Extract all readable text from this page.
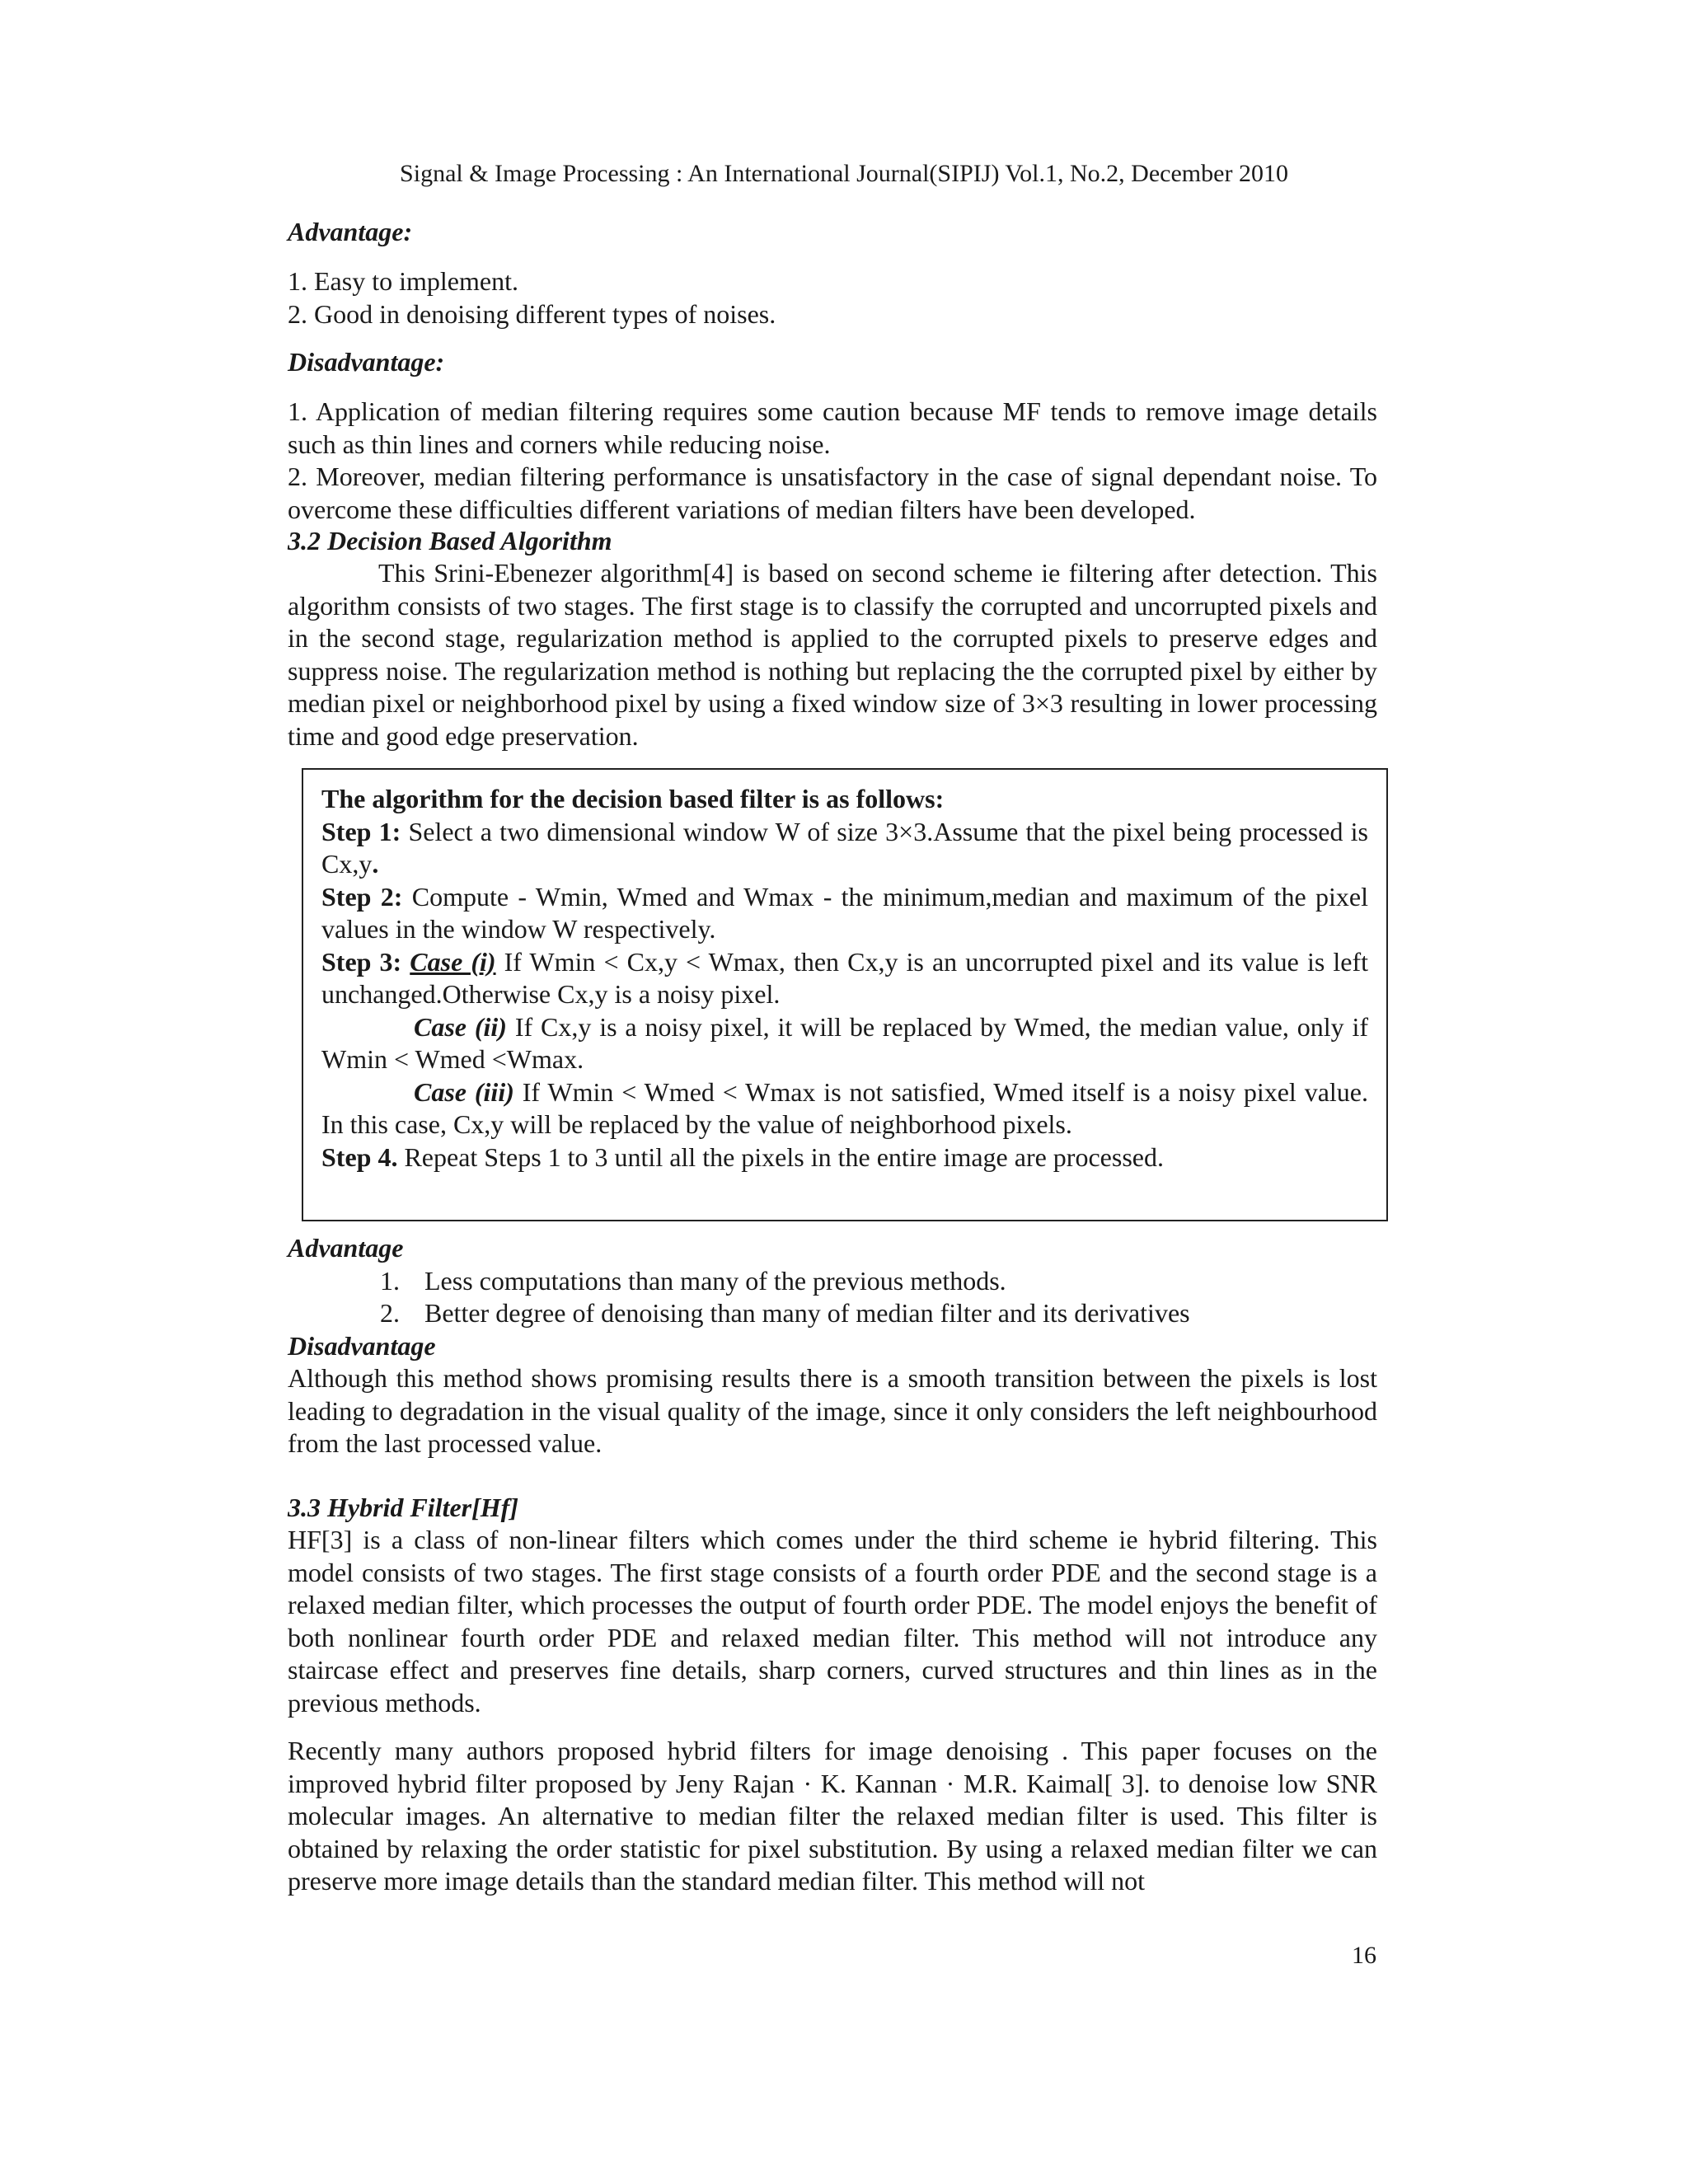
Signal & Image Processing : An International Journal(SIPIJ) Vol.1, No.2, December 2010
Advantage:
1. Easy to implement.
2. Good in denoising different types of noises.
Disadvantage:

1. Application of median filtering requires some caution because MF tends to remove image details such as thin lines and corners while reducing noise.

2. Moreover, median filtering performance is unsatisfactory in the case of signal dependant noise. To overcome these difficulties different variations of median filters have been developed.

3.2 Decision Based Algorithm
This Srini-Ebenezer algorithm[4] is based on second scheme ie filtering after detection. This algorithm consists of two stages. The first stage is to classify the corrupted and uncorrupted pixels and in the second stage, regularization method is applied to the corrupted pixels to preserve edges and suppress noise. The regularization method is nothing but replacing the the corrupted pixel by either by median pixel or neighborhood pixel by using a fixed window size of 3×3 resulting in lower processing time and good edge preservation.
The algorithm for the decision based filter is as follows:
Step 1: Select a two dimensional window W of size 3×3.Assume that the pixel being processed is Cx,y.
Step 2: Compute - Wmin, Wmed and Wmax - the minimum,median and maximum of the pixel values in the window W respectively.
Step 3: Case (i) If Wmin < Cx,y < Wmax, then Cx,y is an uncorrupted pixel and its value is left unchanged.Otherwise Cx,y is a noisy pixel.
Case (ii) If Cx,y is a noisy pixel, it will be replaced by Wmed, the median value, only if Wmin < Wmed <Wmax.
Case (iii) If Wmin < Wmed < Wmax is not satisfied, Wmed itself is a noisy pixel value. In this case, Cx,y will be replaced by the value of neighborhood pixels.
Step 4. Repeat Steps 1 to 3 until all the pixels in the entire image are processed.
Advantage
1. Less computations than many of the previous methods.
2. Better degree of denoising than many of median filter and its derivatives
Disadvantage

Although this method shows promising results there is a smooth transition between the pixels is lost leading to degradation in the visual quality of the image, since it only considers the left neighbourhood from the last processed value.

3.3 Hybrid Filter[Hf]
HF[3] is a class of non-linear filters which comes under the third scheme ie hybrid filtering. This model consists of two stages. The first stage consists of a fourth order PDE and the second stage is a relaxed median filter, which processes the output of fourth order PDE. The model enjoys the benefit of both nonlinear fourth order PDE and relaxed median filter. This method will not introduce any staircase effect and preserves fine details, sharp corners, curved structures and thin lines as in the previous methods.
Recently many authors proposed hybrid filters for image denoising . This paper focuses on the improved hybrid filter proposed by Jeny Rajan · K. Kannan · M.R. Kaimal[ 3]. to denoise low SNR molecular images. An alternative to median filter the relaxed median filter is used. This filter is obtained by relaxing the order statistic for pixel substitution. By using a relaxed median filter we can preserve more image details than the standard median filter. This method will not
16
